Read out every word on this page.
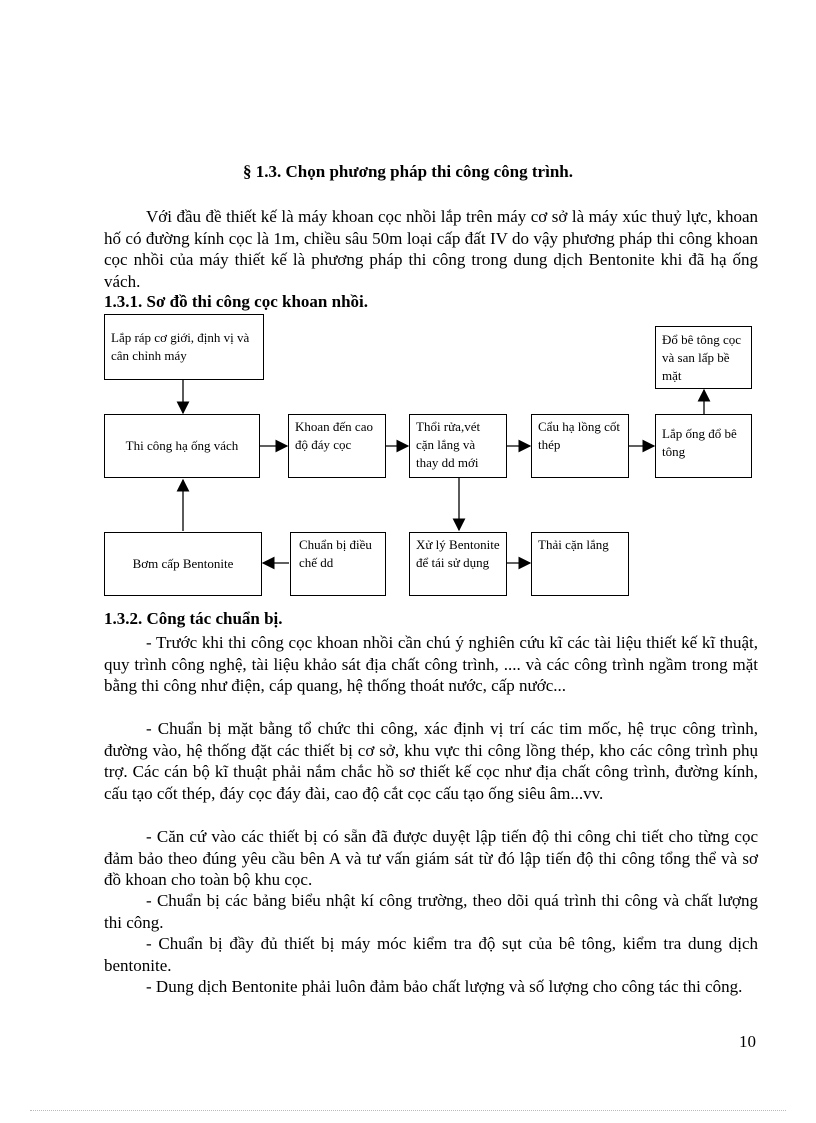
§ 1.3. Chọn phương pháp thi công công trình.
Với đầu đề thiết kế là máy khoan cọc nhồi lắp trên máy cơ sở là máy xúc thuỷ lực, khoan hố có đường kính cọc là 1m, chiều sâu 50m loại cấp đất IV do vậy phương pháp thi công khoan cọc nhồi của máy thiết kế là phương pháp thi công trong dung dịch Bentonite khi đã hạ ống vách.
1.3.1. Sơ đồ thi công cọc khoan nhồi.
Lắp ráp cơ giới, định vị và cân chỉnh máy
Thi công hạ ống vách
Khoan đến cao độ đáy cọc
Thổi rửa,vét cặn lắng và thay dd mới
Cẩu hạ lồng cốt thép
Lắp ống đổ bê tông
Đổ bê tông cọc và san lấp bề mặt
Bơm cấp Bentonite
Chuẩn bị điều chế dd
Xử lý Bentonite để tái sử dụng
Thải cặn lắng
1.3.2. Công tác chuẩn bị.
- Trước khi thi công cọc khoan nhồi cần chú ý nghiên cứu kĩ các tài liệu thiết kế kĩ thuật, quy trình công nghệ, tài liệu khảo sát địa chất công trình, .... và các công trình ngầm trong mặt bằng thi công như điện, cáp quang, hệ thống thoát nước, cấp nước...
- Chuẩn bị mặt bằng tổ chức thi công, xác định vị trí các tim mốc, hệ trục công trình, đường vào, hệ thống đặt các thiết bị cơ sở, khu vực thi công lồng thép, kho các công trình phụ trợ. Các cán bộ kĩ thuật phải nắm chắc hồ sơ thiết kế cọc như địa chất công trình, đường kính, cấu tạo cốt thép, đáy cọc đáy đài, cao độ cắt cọc cấu tạo ống siêu âm...vv.
- Căn cứ vào các thiết bị có sẵn đã được duyệt lập tiến độ thi công chi tiết cho từng cọc đảm bảo theo đúng yêu cầu bên A và tư vấn giám sát từ đó lập tiến độ thi công tổng thể và sơ đồ khoan cho toàn bộ khu cọc.
- Chuẩn bị các bảng biểu nhật kí công trường, theo dõi quá trình thi công và chất lượng thi công.
- Chuẩn bị đầy đủ thiết bị máy móc kiểm tra độ sụt của bê tông, kiểm tra dung dịch bentonite.
- Dung dịch Bentonite phải luôn đảm bảo chất lượng và số lượng cho công tác thi công.
10
